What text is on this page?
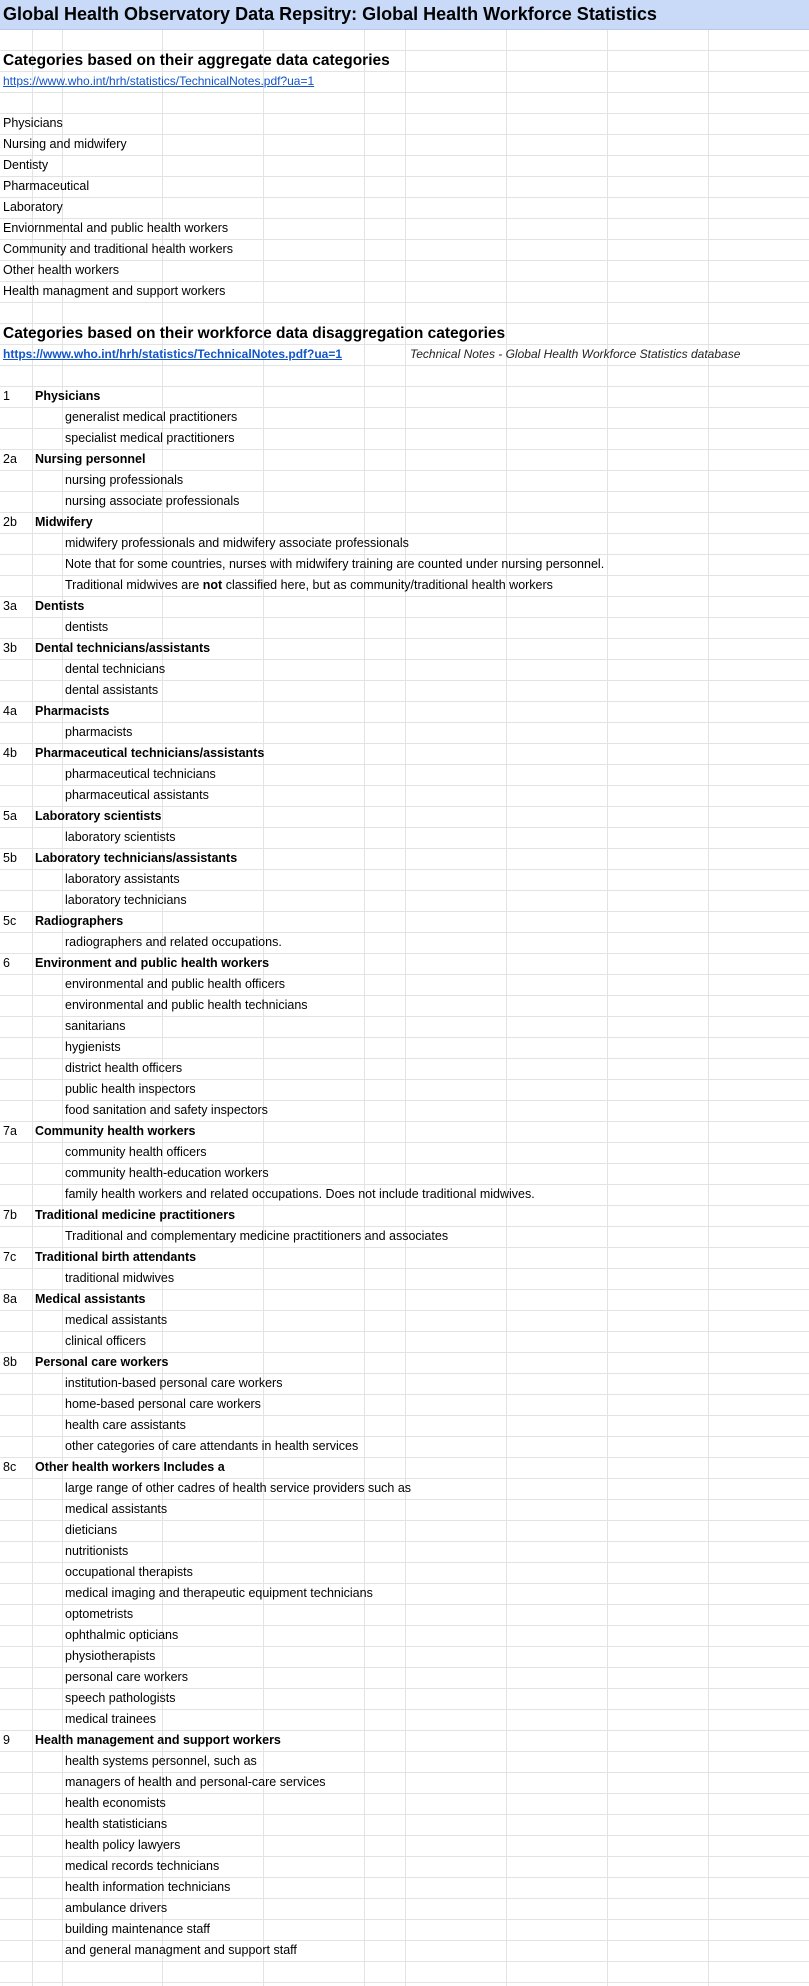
Global Health Observatory Data Repsitry: Global Health Workforce Statistics
Categories based on their aggregate data categories
https://www.who.int/hrh/statistics/TechnicalNotes.pdf?ua=1
Physicians
Nursing and midwifery
Dentisty
Pharmaceutical
Laboratory
Enviornmental and public health workers
Community and traditional health workers
Other health workers
Health managment and support workers
Categories based on their workforce data disaggregation categories
https://www.who.int/hrh/statistics/TechnicalNotes.pdf?ua=1	Technical Notes - Global Health Workforce Statistics database
1 Physicians
generalist medical practitioners
specialist medical practitioners
2a Nursing personnel
nursing professionals
nursing associate professionals
2b Midwifery
midwifery professionals and midwifery associate professionals
Note that for some countries, nurses with midwifery training are counted under nursing personnel.
Traditional midwives are not classified here, but as community/traditional health workers
3a Dentists
dentists
3b Dental technicians/assistants
dental technicians
dental assistants
4a Pharmacists
pharmacists
4b Pharmaceutical technicians/assistants
pharmaceutical technicians
pharmaceutical assistants
5a Laboratory scientists
laboratory scientists
5b Laboratory technicians/assistants
laboratory assistants
laboratory technicians
5c Radiographers
radiographers and related occupations.
6 Environment and public health workers
environmental and public health officers
environmental and public health technicians
sanitarians
hygienists
district health officers
public health inspectors
food sanitation and safety inspectors
7a Community health workers
community health officers
community health-education workers
family health workers and related occupations. Does not include traditional midwives.
7b Traditional medicine practitioners
Traditional and complementary medicine practitioners and associates
7c Traditional birth attendants
traditional midwives
8a Medical assistants
medical assistants
clinical officers
8b Personal care workers
institution-based personal care workers
home-based personal care workers
health care assistants
other categories of care attendants in health services
8c Other health workers Includes a
large range of other cadres of health service providers such as
medical assistants
dieticians
nutritionists
occupational therapists
medical imaging and therapeutic equipment technicians
optometrists
ophthalmic opticians
physiotherapists
personal care workers
speech pathologists
medical trainees
9 Health management and support workers
health systems personnel, such as
managers of health and personal-care services
health economists
health statisticians
health policy lawyers
medical records technicians
health information technicians
ambulance drivers
building maintenance staff
and general managment and support staff
